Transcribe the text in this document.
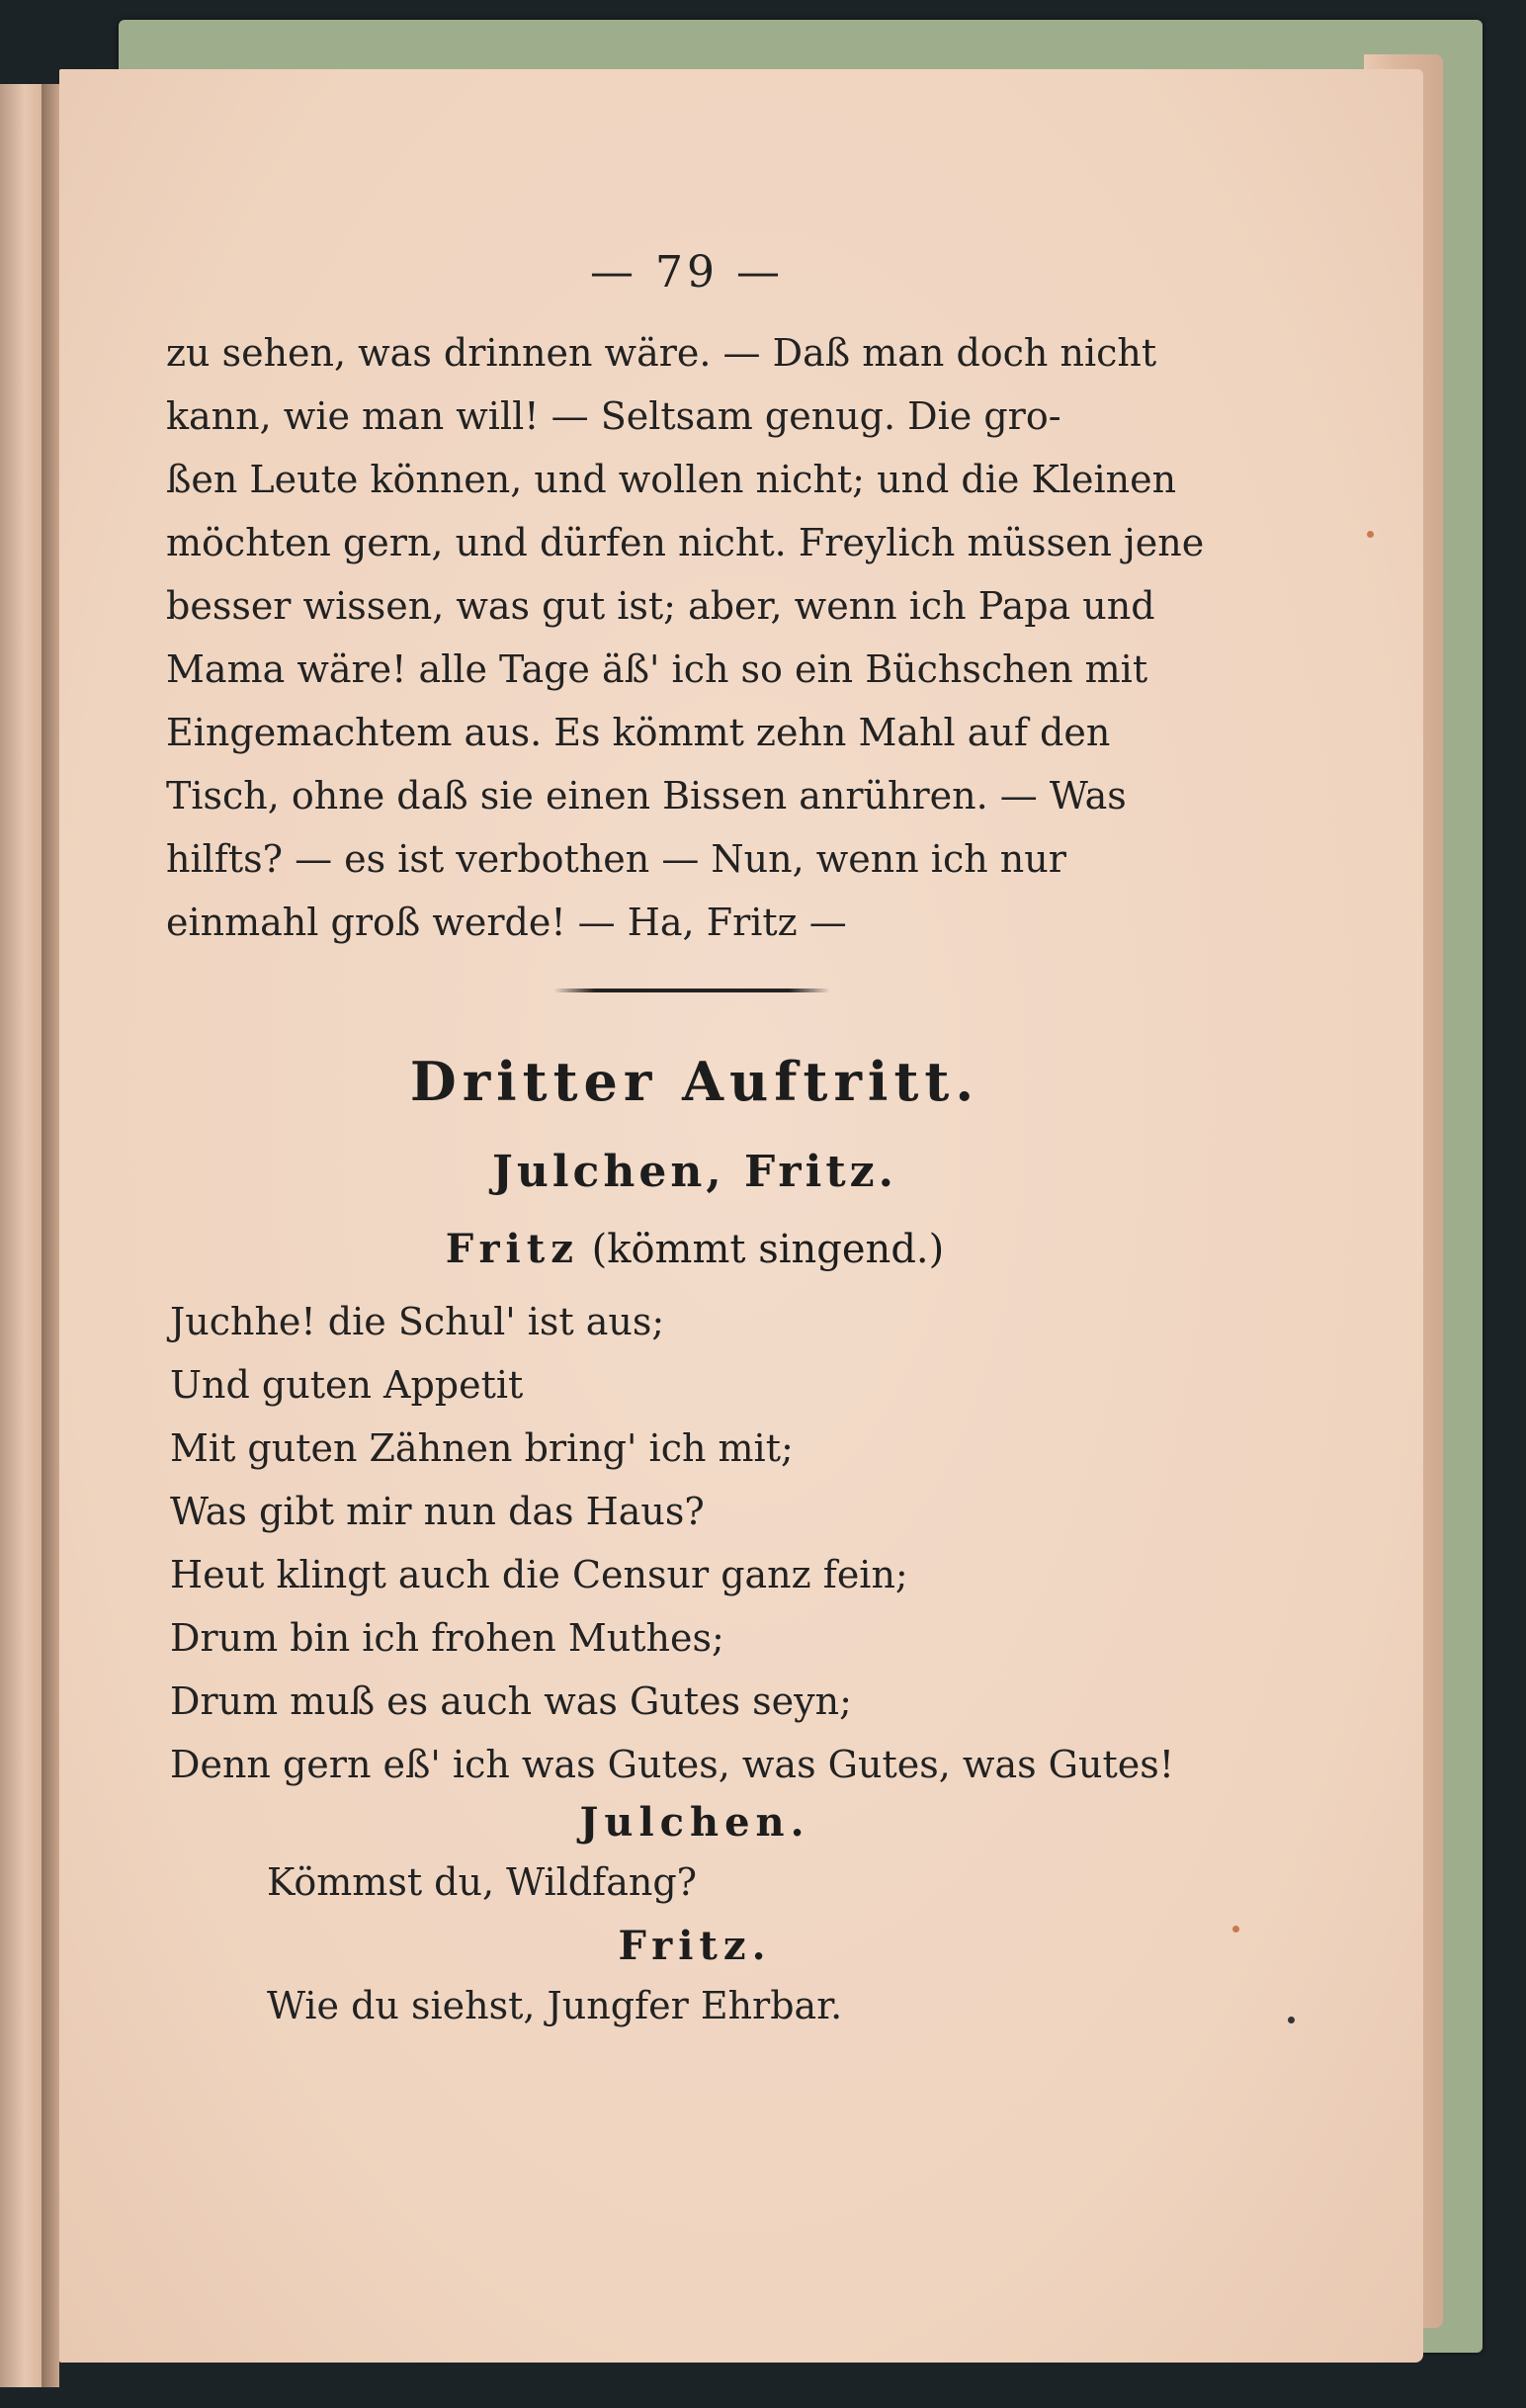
— 79 —

zu sehen, was drinnen wäre. — Daß man doch nicht

kann, wie man will! — Seltsam genug. Die gro-

ßen Leute können, und wollen nicht; und die Kleinen

möchten gern, und dürfen nicht. Freylich müssen jene

besser wissen, was gut ist; aber, wenn ich Papa und

Mama wäre! alle Tage äß' ich so ein Büchschen mit

Eingemachtem aus. Es kömmt zehn Mahl auf den

Tisch, ohne daß sie einen Bissen anrühren. — Was

hilfts? — es ist verbothen — Nun, wenn ich nur

einmahl groß werde! — Ha, Fritz —

Dritter Auftritt.
Julchen, Fritz.
Fritz (kömmt singend.)

Juchhe! die Schul' ist aus;

Und guten Appetit

Mit guten Zähnen bring' ich mit;

Was gibt mir nun das Haus?

Heut klingt auch die Censur ganz fein;

Drum bin ich frohen Muthes;

Drum muß es auch was Gutes seyn;

Denn gern eß' ich was Gutes, was Gutes, was Gutes!

Julchen.
Kömmst du, Wildfang?
Fritz.
Wie du siehst, Jungfer Ehrbar.
